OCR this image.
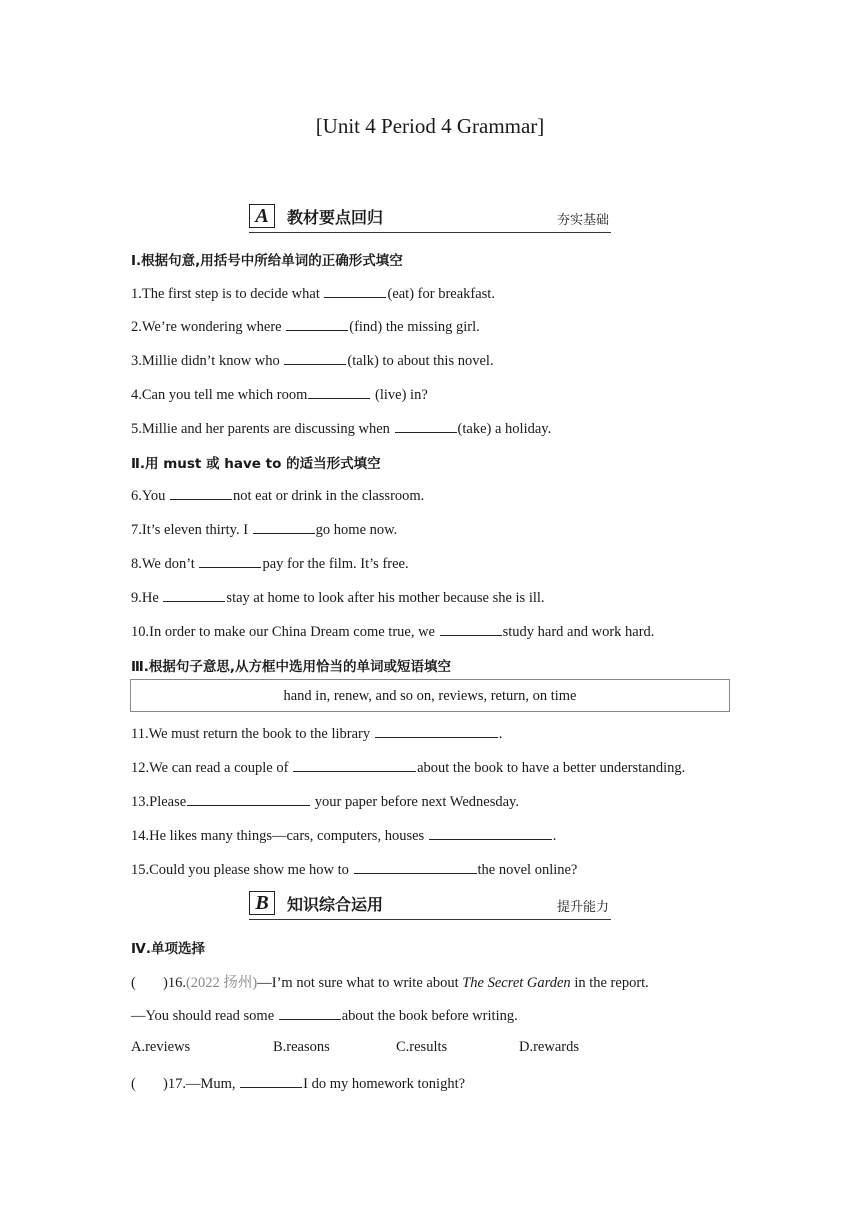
[Unit 4 Period 4 Grammar]
A	教材要点回归	夯实基础
Ⅰ.根据句意,用括号中所给单词的正确形式填空
1.The first step is to decide what	(eat) for breakfast.
2.We’re wondering where	(find) the missing girl.
3.Millie didn’t know who	(talk) to about this novel.
4.Can you tell me which room	(live) in?
5.Millie and her parents are discussing when	(take) a holiday.
Ⅱ.用 must 或 have to 的适当形式填空
6.You	not eat or drink in the classroom.
7.It’s eleven thirty. I	go home now.
8.We don’t	pay for the film. It’s free.
9.He	stay at home to look after his mother because she is ill.
10.In order to make our China Dream come true, we	study hard and work hard.
Ⅲ.根据句子意思,从方框中选用恰当的单词或短语填空
hand in, renew, and so on, reviews, return, on time
11.We must return the book to the library	.
12.We can read a couple of	about the book to have a better understanding.
13.Please	your paper before next Wednesday.
14.He likes many things—cars, computers, houses	.
15.Could you please show me how to	the novel online?
B	知识综合运用	提升能力
Ⅳ.单项选择
( )16.(2022 扬州)—I’m not sure what to write about The Secret Garden in the report.
—You should read some	about the book before writing.
A.reviews	B.reasons	C.results	D.rewards
( )17.—Mum,	I do my homework tonight?
